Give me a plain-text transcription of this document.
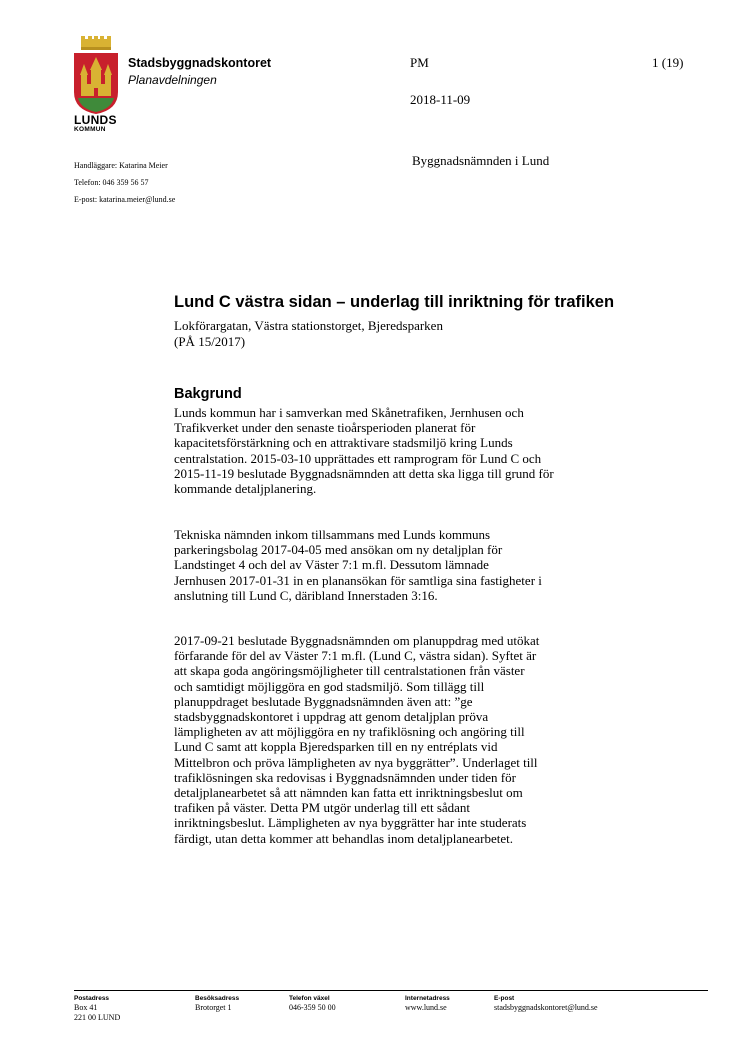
LUNDS
KOMMUN
Stadsbyggnadskontoret
Planavdelningen
PM
2018-11-09
1 (19)
Handläggare: Katarina Meier
Telefon: 046 359 56 57
E-post: katarina.meier@lund.se
Byggnadsnämnden i Lund
Lund C västra sidan – underlag till inriktning för trafiken
Lokförargatan, Västra stationstorget, Bjeredsparken
(PÅ 15/2017)
Bakgrund
Lunds kommun har i samverkan med Skånetrafiken, Jernhusen och
Trafikverket under den senaste tioårsperioden planerat för
kapacitetsförstärkning och en attraktivare stadsmiljö kring Lunds
centralstation. 2015-03-10 upprättades ett ramprogram för Lund C och
2015-11-19 beslutade Byggnadsnämnden att detta ska ligga till grund för
kommande detaljplanering.
Tekniska nämnden inkom tillsammans med Lunds kommuns
parkeringsbolag 2017-04-05 med ansökan om ny detaljplan för
Landstinget 4 och del av Väster 7:1 m.fl. Dessutom lämnade
Jernhusen 2017-01-31 in en planansökan för samtliga sina fastigheter i
anslutning till Lund C, däribland Innerstaden 3:16.
2017-09-21 beslutade Byggnadsnämnden om planuppdrag med utökat
förfarande för del av Väster 7:1 m.fl. (Lund C, västra sidan). Syftet är
att skapa goda angöringsmöjligheter till centralstationen från väster
och samtidigt möjliggöra en god stadsmiljö. Som tillägg till
planuppdraget beslutade Byggnadsnämnden även att: ”ge
stadsbyggnadskontoret i uppdrag att genom detaljplan pröva
lämpligheten av att möjliggöra en ny trafiklösning och angöring till
Lund C samt att koppla Bjeredsparken till en ny entréplats vid
Mittelbron och pröva lämpligheten av nya byggrätter”. Underlaget till
trafiklösningen ska redovisas i Byggnadsnämnden under tiden för
detaljplanearbetet så att nämnden kan fatta ett inriktningsbeslut om
trafiken på väster. Detta PM utgör underlag till ett sådant
inriktningsbeslut. Lämpligheten av nya byggrätter har inte studerats
färdigt, utan detta kommer att behandlas inom detaljplanearbetet.
Postadress
Box 41
221 00 LUND
Besöksadress
Brotorget 1
Telefon växel
046-359 50 00
Internetadress
www.lund.se
E-post
stadsbyggnadskontoret@lund.se
